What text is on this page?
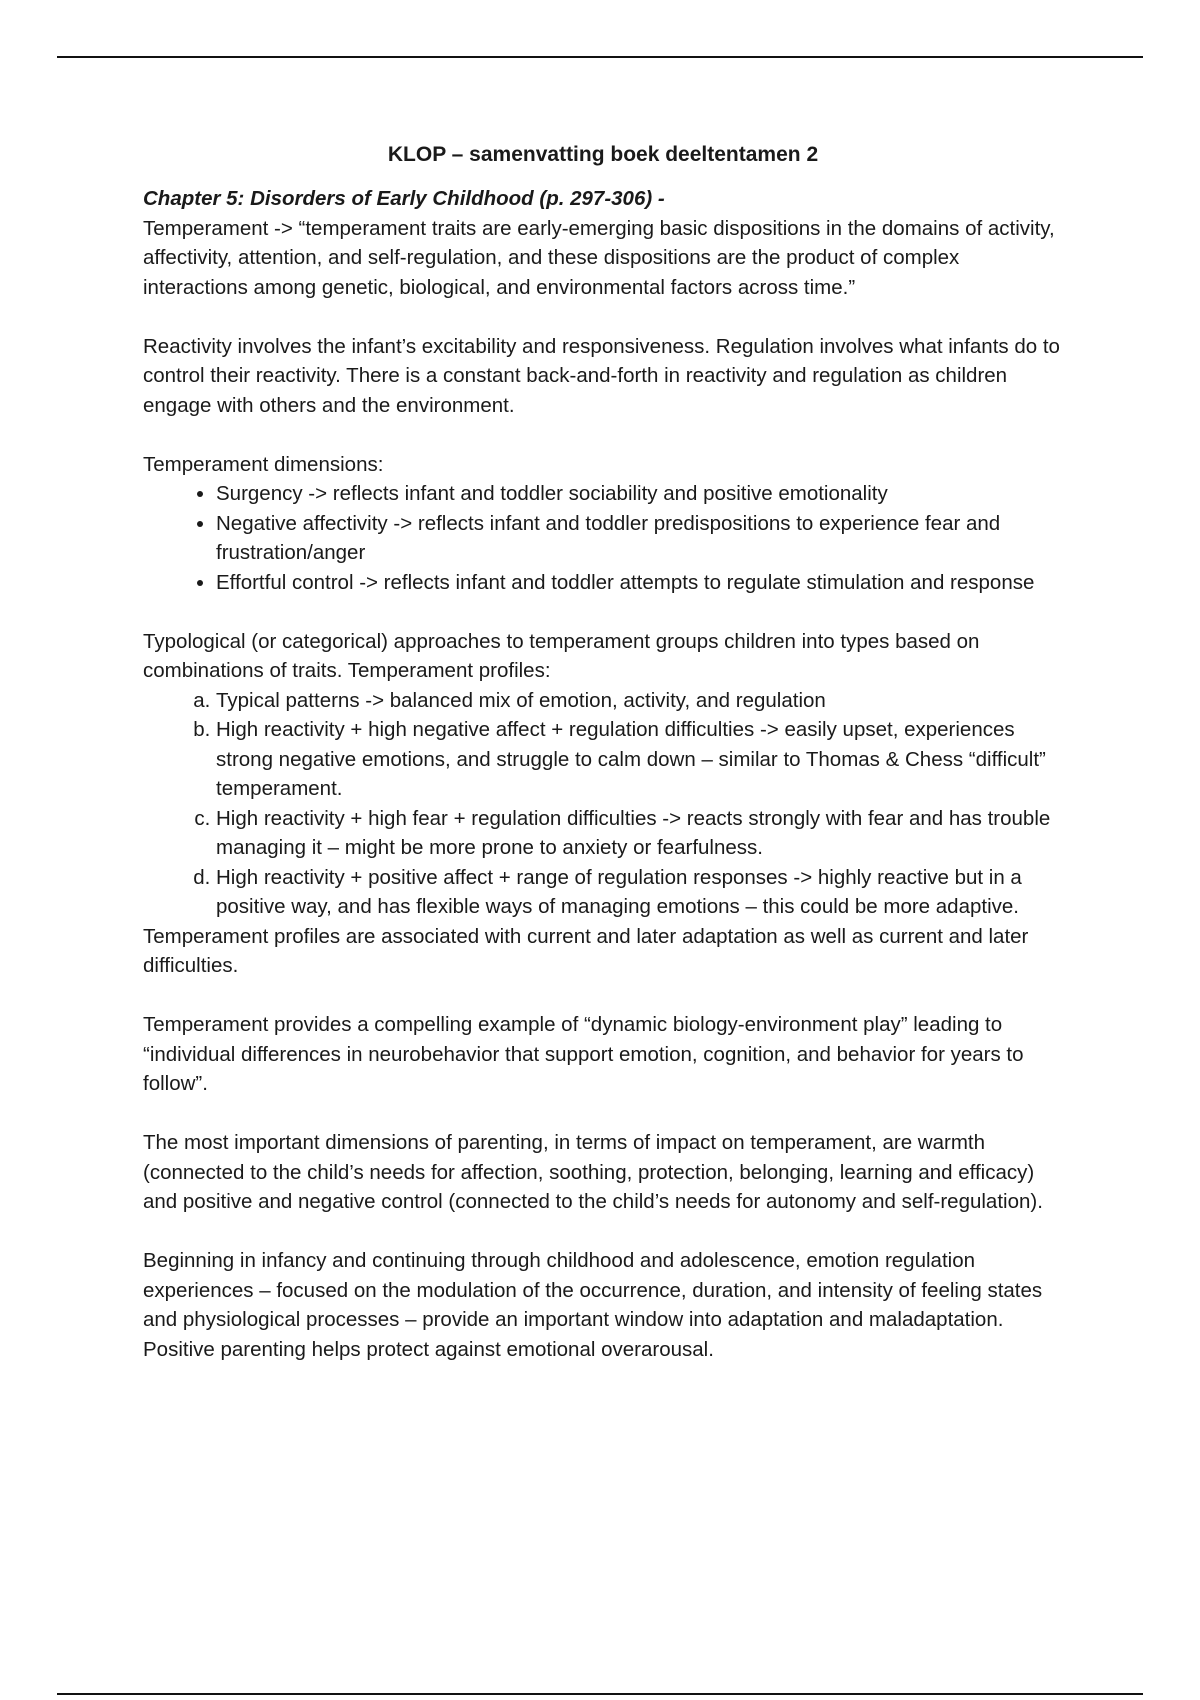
KLOP – samenvatting boek deeltentamen 2
Chapter 5: Disorders of Early Childhood (p. 297-306) -

Temperament -> “temperament traits are early-emerging basic dispositions in the domains of activity, affectivity, attention, and self-regulation, and these dispositions are the product of complex interactions among genetic, biological, and environmental factors across time.”

Reactivity involves the infant’s excitability and responsiveness. Regulation involves what infants do to control their reactivity. There is a constant back-and-forth in reactivity and regulation as children engage with others and the environment.

Temperament dimensions:

• Surgency -> reflects infant and toddler sociability and positive emotionality
• Negative affectivity -> reflects infant and toddler predispositions to experience fear and frustration/anger
• Effortful control -> reflects infant and toddler attempts to regulate stimulation and response

Typological (or categorical) approaches to temperament groups children into types based on combinations of traits. Temperament profiles:

a. Typical patterns -> balanced mix of emotion, activity, and regulation
b. High reactivity + high negative affect + regulation difficulties -> easily upset, experiences strong negative emotions, and struggle to calm down – similar to Thomas & Chess “difficult” temperament.
c. High reactivity + high fear + regulation difficulties -> reacts strongly with fear and has trouble managing it – might be more prone to anxiety or fearfulness.
d. High reactivity + positive affect + range of regulation responses -> highly reactive but in a positive way, and has flexible ways of managing emotions – this could be more adaptive.

Temperament profiles are associated with current and later adaptation as well as current and later difficulties.

Temperament provides a compelling example of “dynamic biology-environment play” leading to “individual differences in neurobehavior that support emotion, cognition, and behavior for years to follow”.

The most important dimensions of parenting, in terms of impact on temperament, are warmth (connected to the child’s needs for affection, soothing, protection, belonging, learning and efficacy) and positive and negative control (connected to the child’s needs for autonomy and self-regulation).

Beginning in infancy and continuing through childhood and adolescence, emotion regulation experiences – focused on the modulation of the occurrence, duration, and intensity of feeling states and physiological processes – provide an important window into adaptation and maladaptation. Positive parenting helps protect against emotional overarousal.
